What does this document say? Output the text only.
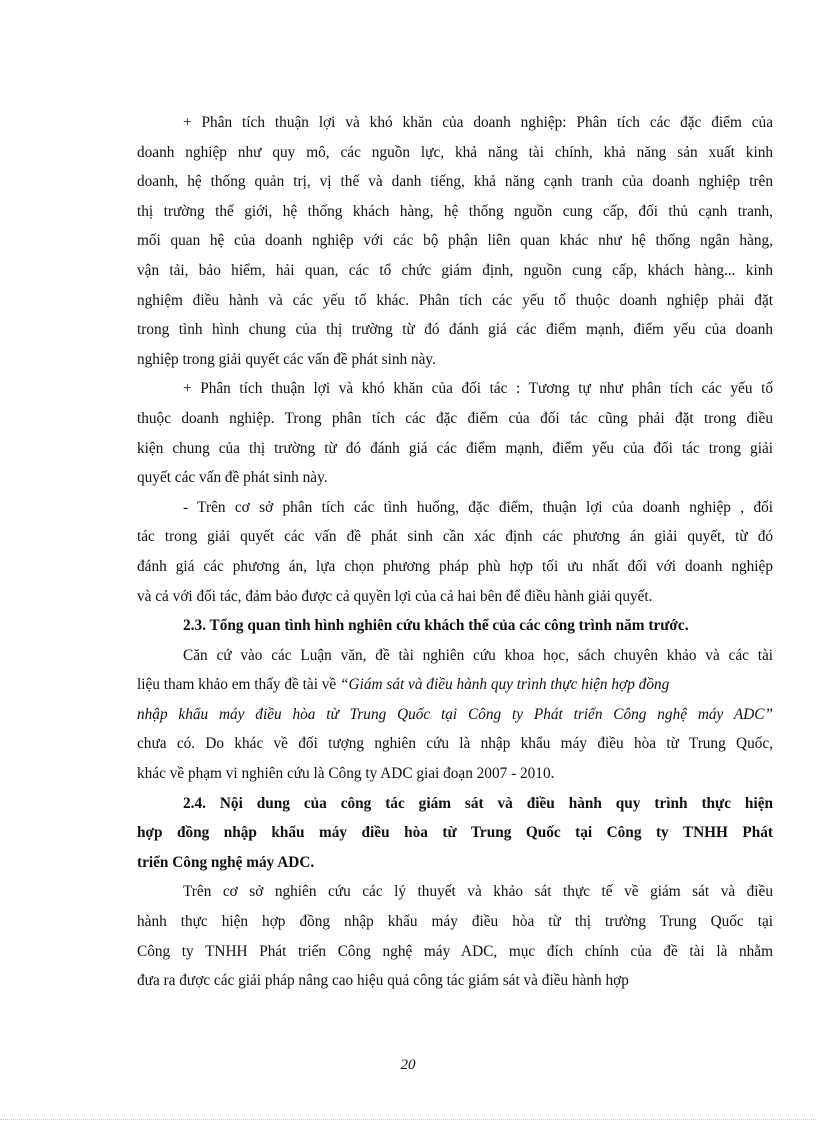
+ Phân tích thuận lợi và khó khăn của doanh nghiệp: Phân tích các đặc điểm của
doanh nghiệp như quy mô, các nguồn lực, khả năng tài chính, khả năng sản xuất kinh
doanh, hệ thống quản trị, vị thế và danh tiếng, khả năng cạnh tranh của doanh nghiệp trên
thị trường thế giới, hệ thống khách hàng, hệ thống nguồn cung cấp, đối thủ cạnh tranh,
mối quan hệ của doanh nghiệp với các bộ phận liên quan khác như hệ thống ngân hàng,
vận tải, bảo hiểm, hải quan, các tổ chức giám định, nguồn cung cấp, khách hàng... kinh
nghiệm điều hành và các yếu tố khác. Phân tích các yếu tố thuộc doanh nghiệp phải đặt
trong tình hình chung của thị trường từ đó đánh giá các điểm mạnh, điểm yếu của doanh
nghiệp trong giải quyết các vấn đề phát sinh này.
+ Phân tích thuận lợi và khó khăn của đối tác : Tương tự như phân tích các yếu tố
thuộc doanh nghiệp. Trong phân tích các đặc điểm của đối tác cũng phải đặt trong điều
kiện chung của thị trường từ đó đánh giá các điểm mạnh, điểm yếu của đối tác trong giải
quyết các vấn đề phát sinh này.
- Trên cơ sở phân tích các tình huống, đặc điểm, thuận lợi của doanh nghiệp , đối
tác trong giải quyết các vấn đề phát sinh cần xác định các phương án giải quyết, từ đó
đánh giá các phương án, lựa chọn phương pháp phù hợp tối ưu nhất đối với doanh nghiệp
và cả với đối tác, đảm bảo được cả quyền lợi của cả hai bên để điều hành giải quyết.
2.3. Tổng quan tình hình nghiên cứu khách thể của các công trình năm trước.
Căn cứ vào các Luận văn, đề tài nghiên cứu khoa học, sách chuyên khảo và các tài
liệu tham khảo em thấy đề tài về “Giám sát và điều hành quy trình thực hiện hợp đồng
nhập khẩu máy điều hòa từ Trung Quốc tại Công ty Phát triển Công nghệ máy ADC”
chưa có. Do khác về đối tượng nghiên cứu là nhập khẩu máy điều hòa từ Trung Quốc,
khác về phạm vi nghiên cứu là Công ty ADC giai đoạn 2007 - 2010.
2.4. Nội dung của công tác giám sát và điều hành quy trình thực hiện
hợp đồng nhập khẩu máy điều hòa từ Trung Quốc tại Công ty TNHH Phát
triển Công nghệ máy ADC.
Trên cơ sở nghiên cứu các lý thuyết và khảo sát thực tế về giám sát và điều
hành thực hiện hợp đồng nhập khẩu máy điều hòa từ thị trường Trung Quốc tại
Công ty TNHH Phát triển Công nghệ máy ADC, mục đích chính của đề tài là nhằm
đưa ra được các giải pháp nâng cao hiệu quả công tác giám sát và điều hành hợp
20
